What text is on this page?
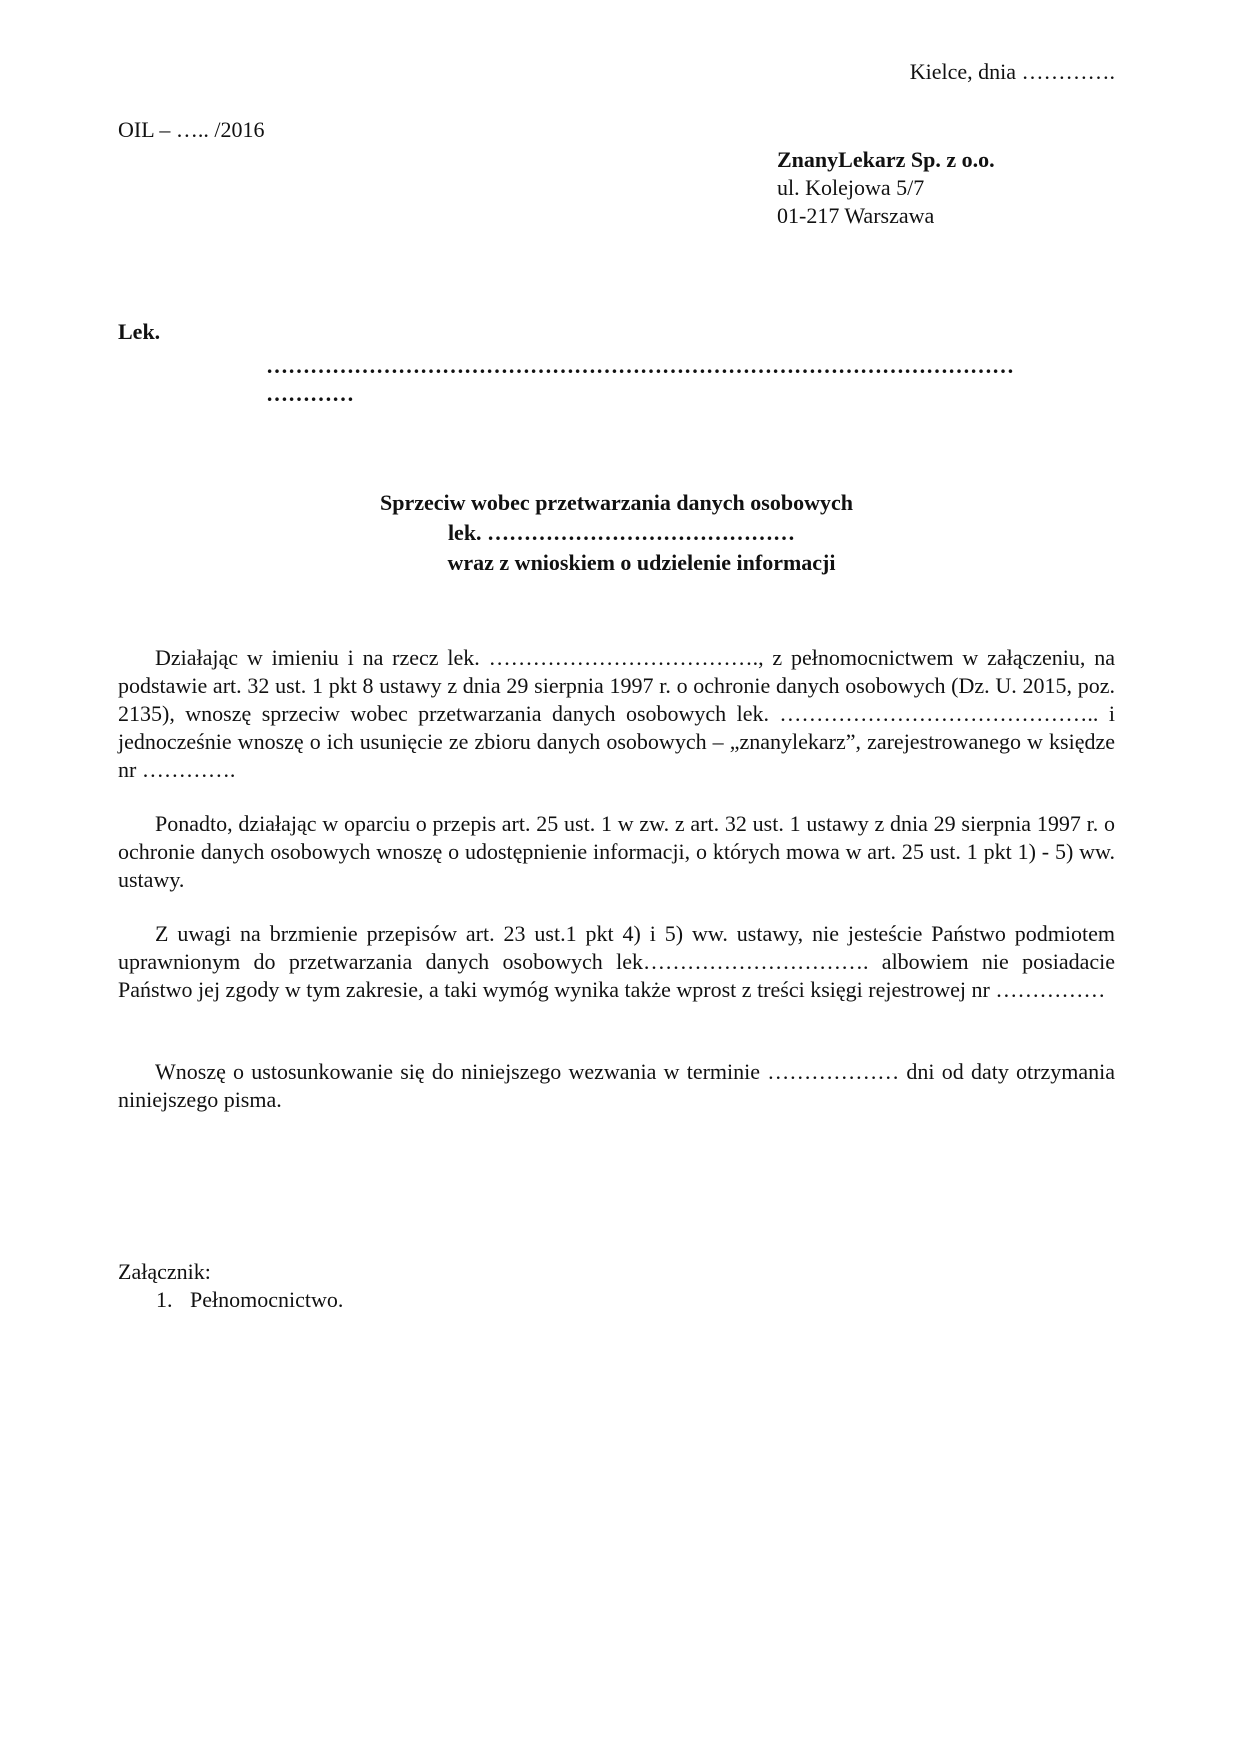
Kielce, dnia ………….
OIL – ….. /2016
ZnanyLekarz Sp. z o.o.
ul. Kolejowa 5/7
01-217 Warszawa
Lek.
…………………………………………………………………………………………
…………
Sprzeciw wobec przetwarzania danych osobowych
lek. ……………………………………
wraz z wnioskiem o udzielenie informacji
Działając w imieniu i na rzecz lek. ………………………………., z pełnomocnictwem w załączeniu, na podstawie art. 32 ust. 1 pkt 8 ustawy z dnia 29 sierpnia 1997 r. o ochronie danych osobowych (Dz. U. 2015, poz. 2135), wnoszę sprzeciw wobec przetwarzania danych osobowych lek. …………………………………….. i jednocześnie wnoszę o ich usunięcie ze zbioru danych osobowych – „znanylekarz”, zarejestrowanego w księdze nr ………….
Ponadto, działając w oparciu o przepis art. 25 ust. 1 w zw. z art. 32 ust. 1 ustawy z dnia 29 sierpnia 1997 r. o ochronie danych osobowych wnoszę o udostępnienie informacji, o których mowa w art. 25 ust. 1 pkt 1) - 5) ww. ustawy.
Z uwagi na brzmienie przepisów art. 23 ust.1 pkt 4) i 5) ww. ustawy, nie jesteście Państwo podmiotem uprawnionym do przetwarzania danych osobowych lek…………………………. albowiem nie posiadacie Państwo jej zgody w tym zakresie, a taki wymóg wynika także wprost z treści księgi rejestrowej nr ……………
Wnoszę o ustosunkowanie się do niniejszego wezwania w terminie ……………… dni od daty otrzymania niniejszego pisma.
Załącznik:
1. Pełnomocnictwo.
